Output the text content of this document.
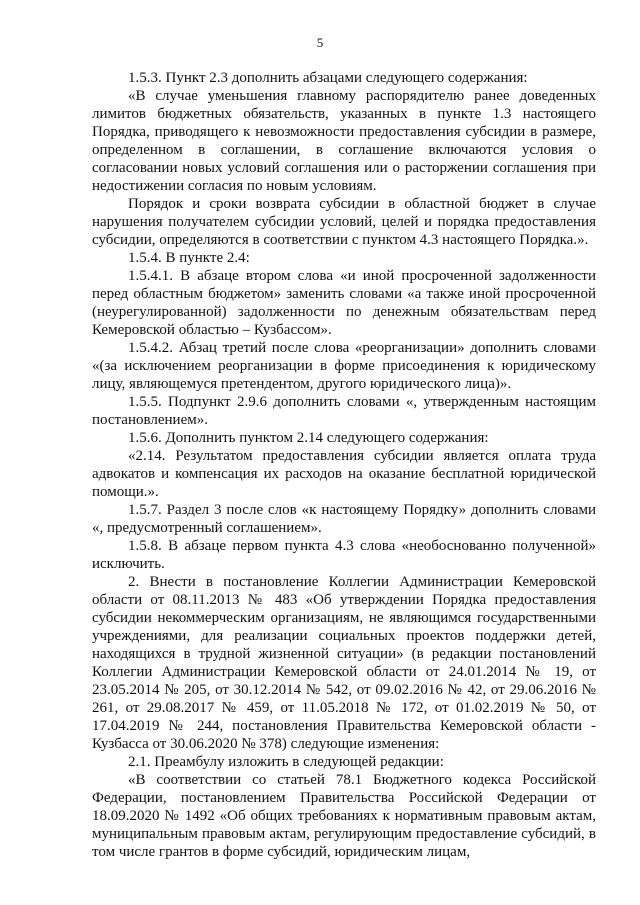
5

1.5.3. Пункт 2.3 дополнить абзацами следующего содержания:

«В случае уменьшения главному распорядителю ранее доведенных лимитов бюджетных обязательств, указанных в пункте 1.3 настоящего Порядка, приводящего к невозможности предоставления субсидии в размере, определенном в соглашении, в соглашение включаются условия о согласовании новых условий соглашения или о расторжении соглашения при недостижении согласия по новым условиям.

Порядок и сроки возврата субсидии в областной бюджет в случае нарушения получателем субсидии условий, целей и порядка предоставления субсидии, определяются в соответствии с пунктом 4.3 настоящего Порядка.».

1.5.4. В пункте 2.4:

1.5.4.1. В абзаце втором слова «и иной просроченной задолженности перед областным бюджетом» заменить словами «а также иной просроченной (неурегулированной) задолженности по денежным обязательствам перед Кемеровской областью – Кузбассом».

1.5.4.2. Абзац третий после слова «реорганизации» дополнить словами «(за исключением реорганизации в форме присоединения к юридическому лицу, являющемуся претендентом, другого юридического лица)».

1.5.5. Подпункт 2.9.6 дополнить словами «, утвержденным настоящим постановлением».

1.5.6. Дополнить пунктом 2.14 следующего содержания:

«2.14. Результатом предоставления субсидии является оплата труда адвокатов и компенсация их расходов на оказание бесплатной юридической помощи.».

1.5.7. Раздел 3 после слов «к настоящему Порядку» дополнить словами «, предусмотренный соглашением».

1.5.8. В абзаце первом пункта 4.3 слова «необоснованно полученной» исключить.

2. Внести в постановление Коллегии Администрации Кемеровской области от 08.11.2013 № 483 «Об утверждении Порядка предоставления субсидии некоммерческим организациям, не являющимся государственными учреждениями, для реализации социальных проектов поддержки детей, находящихся в трудной жизненной ситуации» (в редакции постановлений Коллегии Администрации Кемеровской области от 24.01.2014 № 19, от 23.05.2014 № 205, от 30.12.2014 № 542, от 09.02.2016 № 42, от 29.06.2016 № 261, от 29.08.2017 № 459, от 11.05.2018 № 172, от 01.02.2019 № 50, от 17.04.2019 № 244, постановления Правительства Кемеровской области - Кузбасса от 30.06.2020 № 378) следующие изменения:

2.1. Преамбулу изложить в следующей редакции:

«В соответствии со статьей 78.1 Бюджетного кодекса Российской Федерации, постановлением Правительства Российской Федерации от 18.09.2020 № 1492 «Об общих требованиях к нормативным правовым актам, муниципальным правовым актам, регулирующим предоставление субсидий, в том числе грантов в форме субсидий, юридическим лицам,
